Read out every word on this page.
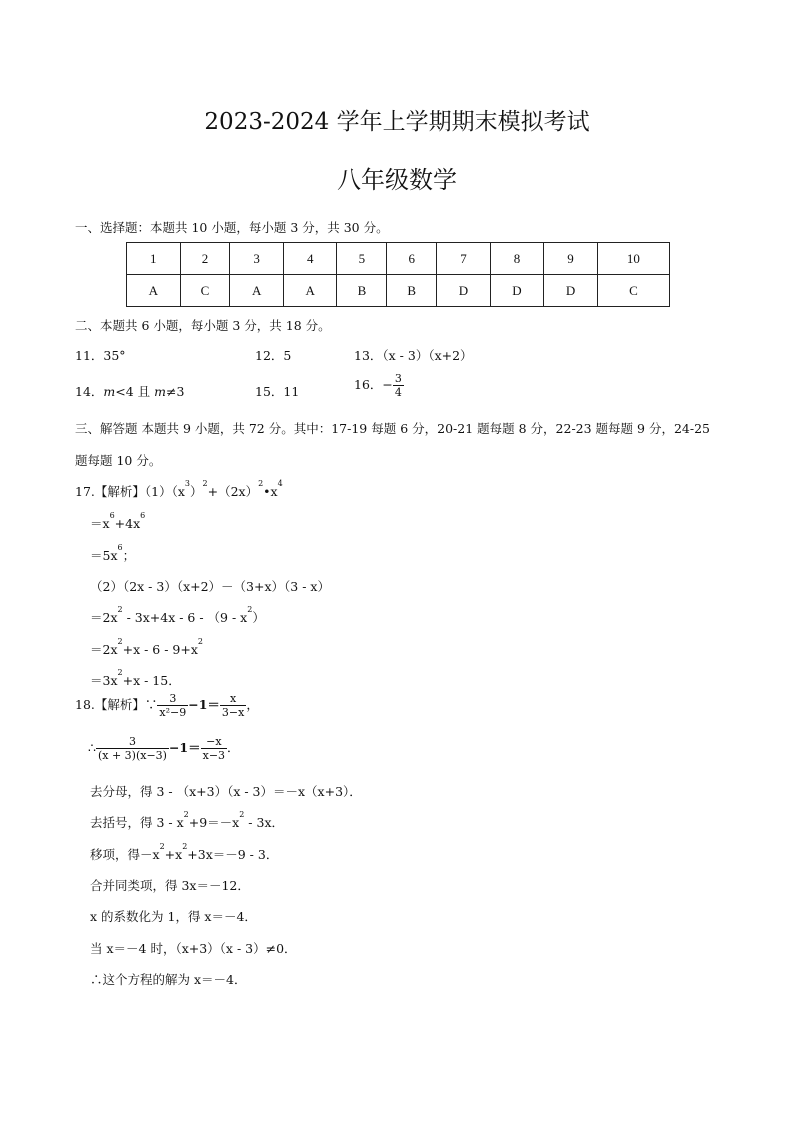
2023-2024 学年上学期期末模拟考试
八年级数学
一、选择题：本题共 10 小题，每小题 3 分，共 30 分。
1	2	3	4	5	6	7	8	9	10
A	C	A	A	B	B	D	D	D	C
二、本题共 6 小题，每小题 3 分，共 18 分。
11．35°	12．5	13．（x - 3）（x+2）
14．m<4 且 m≠3	15．11	16．− $\frac{3}{4}$
三、解答题 本题共 9 小题，共 72 分。其中：17-19 每题 6 分，20-21 题每题 8 分，22-23 题每题 9 分，24-25
题每题 10 分。
17.【解析】$(1)(x^3)^2+(2x)^2•x^4$
$=x^6+4x^6$
$=5x^6$；
（2）（2x - 3）（x+2）－（3+x）（3 - x）
$=2x^2 - 3x+4x - 6 - (9 - x^2)$
$=2x^2+x - 6 - 9+x^2$
$=3x^2+x - 15$．
18.【解析】∵ $\frac{3}{\text{x²−9}} -1= \frac{x}{3-x}$ ，
∴ $\frac{3}{(x + 3)(x-3)} -1= \frac{-x}{x-3}$ ．
去分母，得 3 - （x+3）（x - 3）＝－x（x+3）．
去括号，得 $3 - x^2+9=-x^2 - 3x$．
移项，得$-x^2+x^2+3x=-9 - 3$．
合并同类项，得 3x＝－12．
x 的系数化为 1，得 x＝－4．
当 x＝－4 时，（x+3）（x - 3）≠0．
∴这个方程的解为 x＝－4．
